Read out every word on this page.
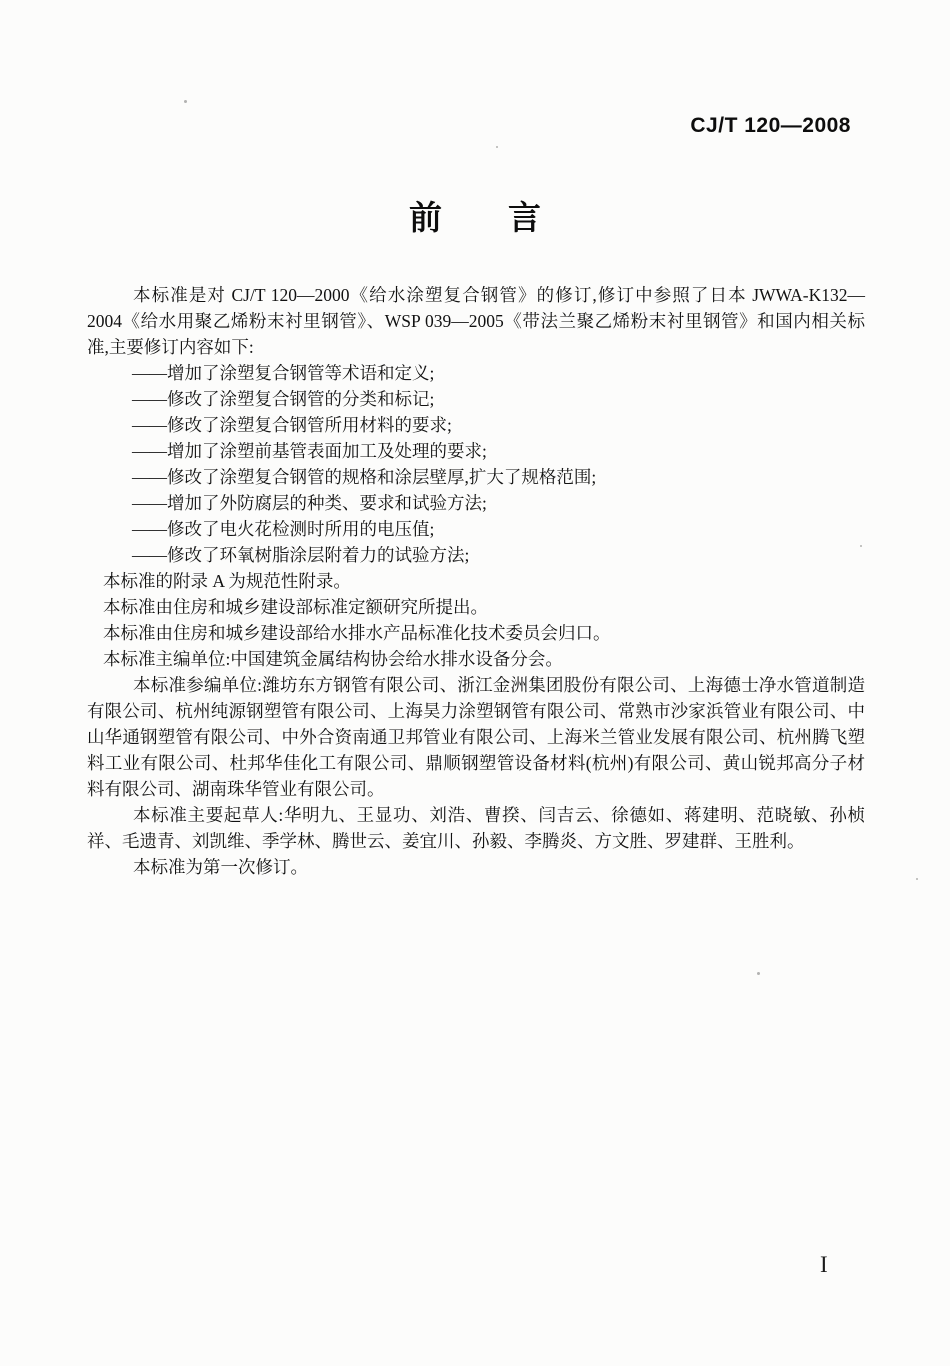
CJ/T 120—2008
前　　言

本标准是对 CJ/T 120—2000《给水涂塑复合钢管》的修订,修订中参照了日本 JWWA-K132—2004《给水用聚乙烯粉末衬里钢管》、WSP 039—2005《带法兰聚乙烯粉末衬里钢管》和国内相关标准,主要修订内容如下:

——增加了涂塑复合钢管等术语和定义;

——修改了涂塑复合钢管的分类和标记;

——修改了涂塑复合钢管所用材料的要求;

——增加了涂塑前基管表面加工及处理的要求;

——修改了涂塑复合钢管的规格和涂层壁厚,扩大了规格范围;

——增加了外防腐层的种类、要求和试验方法;

——修改了电火花检测时所用的电压值;

——修改了环氧树脂涂层附着力的试验方法;

本标准的附录 A 为规范性附录。

本标准由住房和城乡建设部标准定额研究所提出。

本标准由住房和城乡建设部给水排水产品标准化技术委员会归口。

本标准主编单位:中国建筑金属结构协会给水排水设备分会。

本标准参编单位:潍坊东方钢管有限公司、浙江金洲集团股份有限公司、上海德士净水管道制造有限公司、杭州纯源钢塑管有限公司、上海昊力涂塑钢管有限公司、常熟市沙家浜管业有限公司、中山华通钢塑管有限公司、中外合资南通卫邦管业有限公司、上海米兰管业发展有限公司、杭州腾飞塑料工业有限公司、杜邦华佳化工有限公司、鼎顺钢塑管设备材料(杭州)有限公司、黄山锐邦高分子材料有限公司、湖南珠华管业有限公司。

本标准主要起草人:华明九、王显功、刘浩、曹揆、闫吉云、徐德如、蒋建明、范晓敏、孙桢祥、毛遗青、刘凯维、季学林、腾世云、姜宜川、孙毅、李腾炎、方文胜、罗建群、王胜利。

本标准为第一次修订。

I
